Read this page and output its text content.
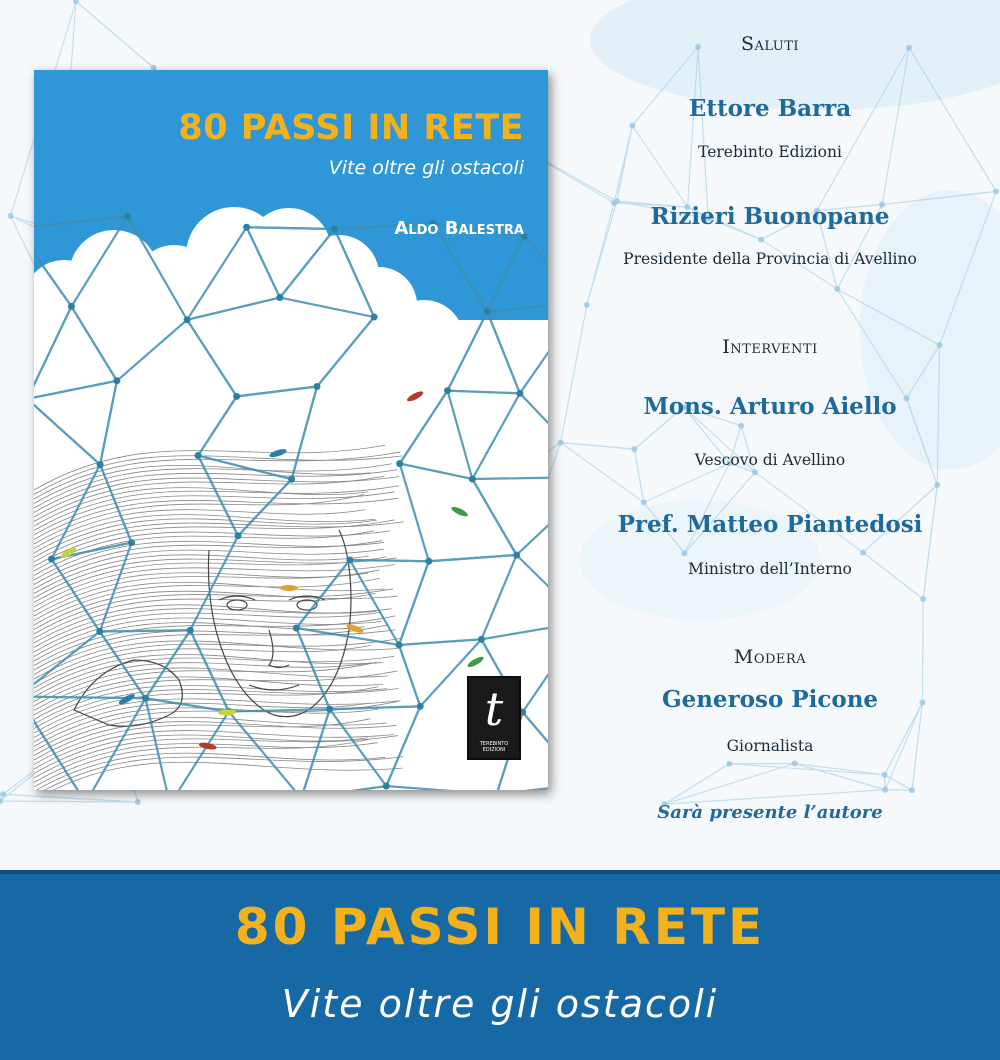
80 PASSI IN RETE
Vite oltre gli ostacoli
Aldo Balestra
t
TEREBINTO EDIZIONI
Saluti
Ettore Barra
Terebinto Edizioni
Rizieri Buonopane
Presidente della Provincia di Avellino
Interventi
Mons. Arturo Aiello
Vescovo di Avellino
Pref. Matteo Piantedosi
Ministro dell’Interno
Modera
Generoso Picone
Giornalista
Sarà presente l’autore
80 PASSI IN RETE
Vite oltre gli ostacoli
